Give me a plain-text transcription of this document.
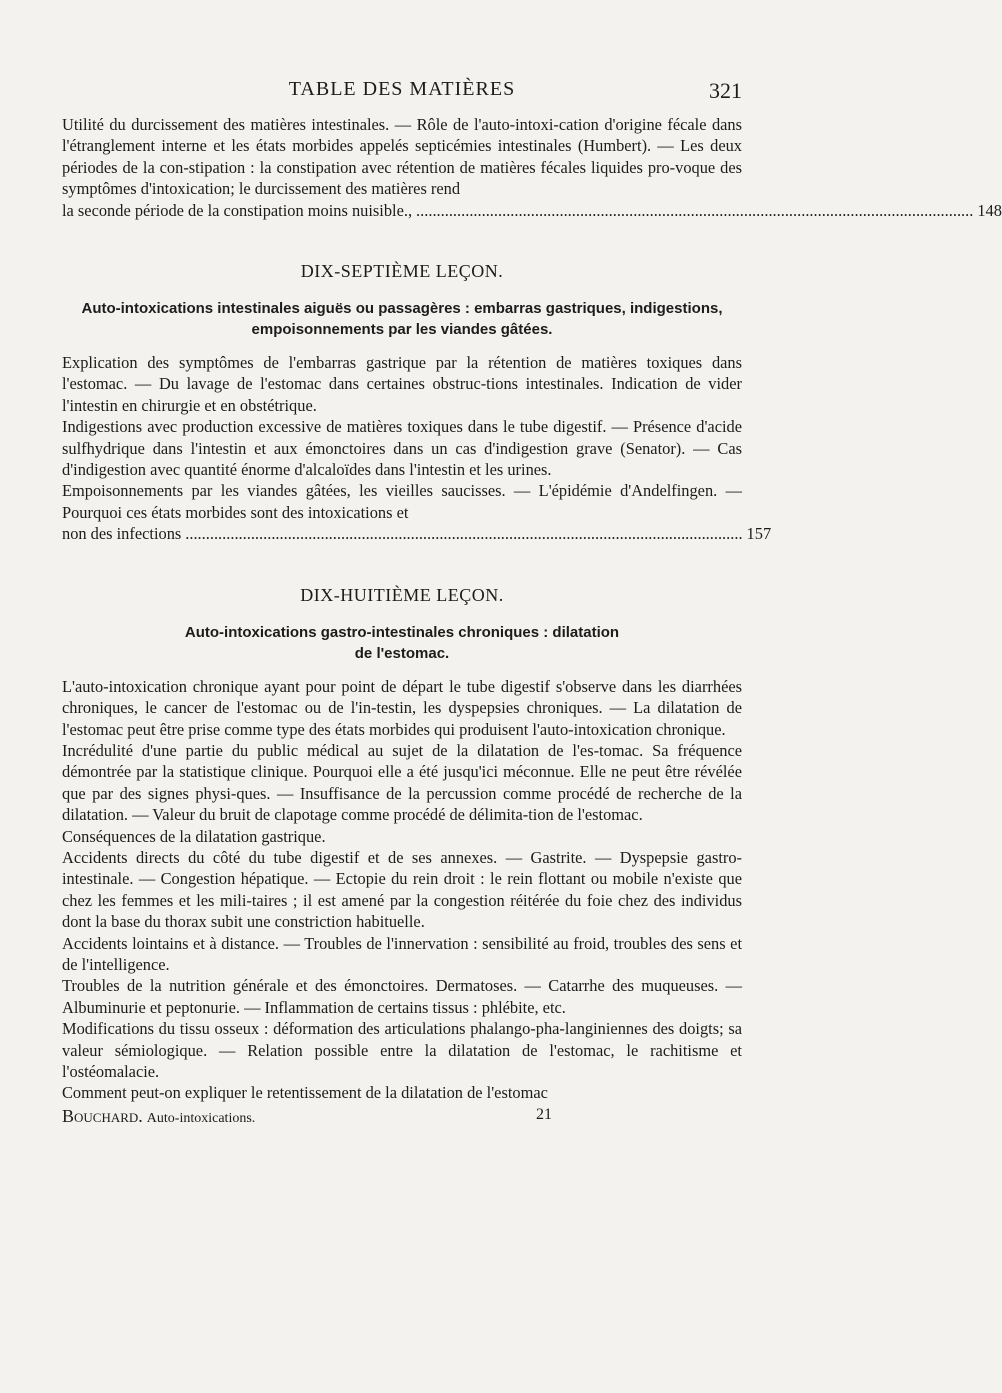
TABLE DES MATIÈRES	321

Utilité du durcissement des matières intestinales. — Rôle de l'auto-intoxi-cation d'origine fécale dans l'étranglement interne et les états morbides appelés septicémies intestinales (Humbert). — Les deux périodes de la con-stipation : la constipation avec rétention de matières fécales liquides pro-voque des symptômes d'intoxication; le durcissement des matières rend

la seconde période de la constipation moins nuisible., ........................................................................................................................................ 148
DIX-SEPTIÈME LEÇON.
Auto-intoxications intestinales aiguës ou passagères : embarras gastriques, indigestions, empoisonnements par les viandes gâtées.

Explication des symptômes de l'embarras gastrique par la rétention de matières toxiques dans l'estomac. — Du lavage de l'estomac dans certaines obstruc-tions intestinales. Indication de vider l'intestin en chirurgie et en obstétrique.

Indigestions avec production excessive de matières toxiques dans le tube digestif. — Présence d'acide sulfhydrique dans l'intestin et aux émonctoires dans un cas d'indigestion grave (Senator). — Cas d'indigestion avec quantité énorme d'alcaloïdes dans l'intestin et les urines.

Empoisonnements par les viandes gâtées, les vieilles saucisses. — L'épidémie d'Andelfingen. — Pourquoi ces états morbides sont des intoxications et

non des infections ........................................................................................................................................ 157
DIX-HUITIÈME LEÇON.
Auto-intoxications gastro-intestinales chroniques : dilatation
de l'estomac.

L'auto-intoxication chronique ayant pour point de départ le tube digestif s'observe dans les diarrhées chroniques, le cancer de l'estomac ou de l'in-testin, les dyspepsies chroniques. — La dilatation de l'estomac peut être prise comme type des états morbides qui produisent l'auto-intoxication chronique.

Incrédulité d'une partie du public médical au sujet de la dilatation de l'es-tomac. Sa fréquence démontrée par la statistique clinique. Pourquoi elle a été jusqu'ici méconnue. Elle ne peut être révélée que par des signes physi-ques. — Insuffisance de la percussion comme procédé de recherche de la dilatation. — Valeur du bruit de clapotage comme procédé de délimita-tion de l'estomac.

Conséquences de la dilatation gastrique.

Accidents directs du côté du tube digestif et de ses annexes. — Gastrite. — Dyspepsie gastro-intestinale. — Congestion hépatique. — Ectopie du rein droit : le rein flottant ou mobile n'existe que chez les femmes et les mili-taires ; il est amené par la congestion réitérée du foie chez des individus dont la base du thorax subit une constriction habituelle.

Accidents lointains et à distance. — Troubles de l'innervation : sensibilité au froid, troubles des sens et de l'intelligence.

Troubles de la nutrition générale et des émonctoires. Dermatoses. — Catarrhe des muqueuses. — Albuminurie et peptonurie. — Inflammation de certains tissus : phlébite, etc.

Modifications du tissu osseux : déformation des articulations phalango-pha-langiniennes des doigts; sa valeur sémiologique. — Relation possible entre la dilatation de l'estomac, le rachitisme et l'ostéomalacie.

Comment peut-on expliquer le retentissement de la dilatation de l'estomac

Bouchard. Auto-intoxications.	21
